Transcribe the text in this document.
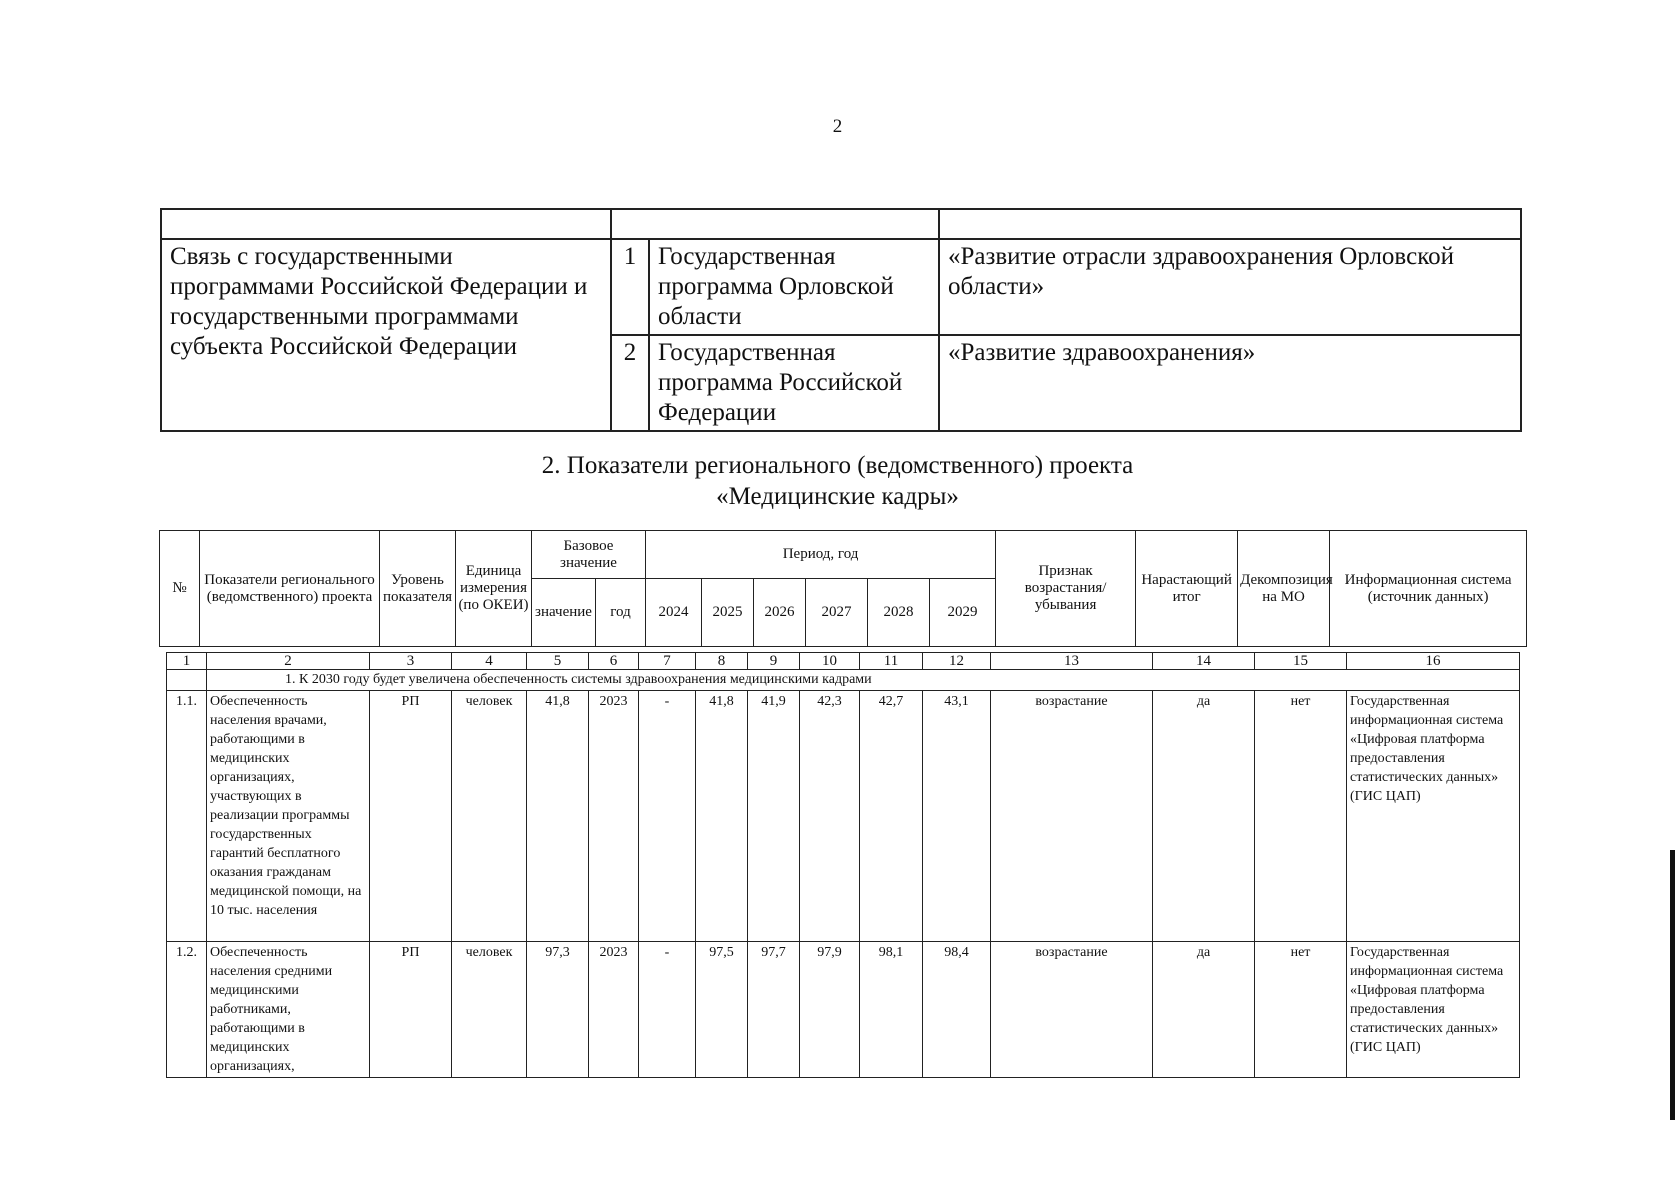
2

Связь с государственными программами Российской Федерации и государственными программами субъекта Российской Федерации	1	Государственная программа Орловской области	«Развитие отрасли здравоохранения Орловской области»
	2	Государственная программа Российской Федерации	«Развитие здравоохранения»
2. Показатели регионального (ведомственного) проекта
«Медицинские кадры»
№	Показатели регионального (ведомственного) проекта	Уровень показателя	Единица измерения (по ОКЕИ)	Базовое значение		Период, год						Признак возрастания/ убывания	Нарастающий итог	Декомпозиция на МО	Информационная система (источник данных)
				значение	год	2024	2025	2026	2027	2028	2029				
1	2	3	4	5	6	7	8	9	10	11	12	13	14	15	16
	1. К 2030 году будет увеличена обеспеченность системы здравоохранения медицинскими кадрами														
1.1.	Обеспеченность населения врачами, работающими в медицинских организациях, участвующих в реализации программы государственных гарантий бесплатного оказания гражданам медицинской помощи, на 10 тыс. населения	РП	человек	41,8	2023	-	41,8	41,9	42,3	42,7	43,1	возрастание	да	нет	Государственная информационная система «Цифровая платформа предоставления статистических данных» (ГИС ЦАП)
1.2.	Обеспеченность населения средними медицинскими работниками, работающими в медицинских организациях,	РП	человек	97,3	2023	-	97,5	97,7	97,9	98,1	98,4	возрастание	да	нет	Государственная информационная система «Цифровая платформа предоставления статистических данных» (ГИС ЦАП)
